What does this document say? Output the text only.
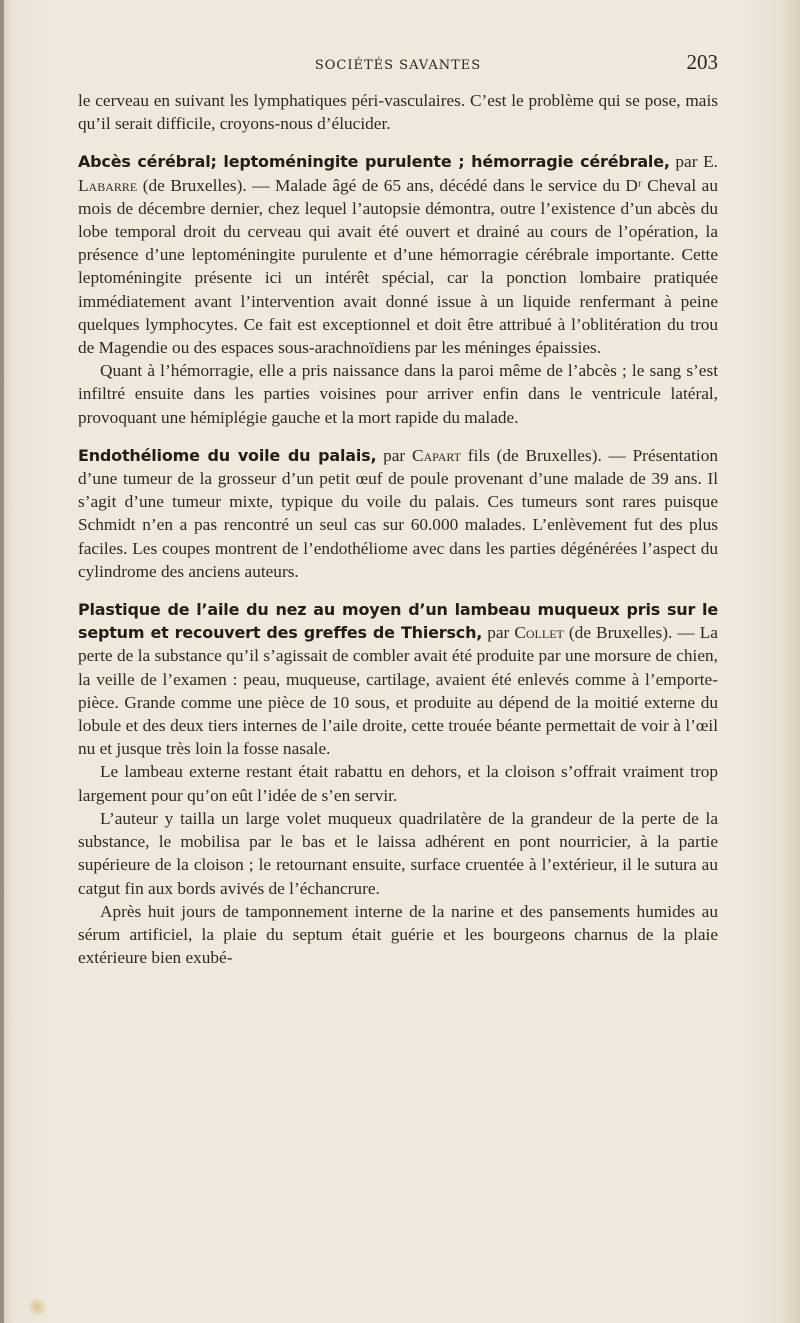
SOCIÉTÉS SAVANTES	203

le cerveau en suivant les lymphatiques péri-vasculaires. C’est le problème qui se pose, mais qu’il serait difficile, croyons-nous d’élucider.

Abcès cérébral; leptoméningite purulente ; hémorragie cérébrale, par E. Labarre (de Bruxelles). — Malade âgé de 65 ans, décédé dans le service du Dʳ Cheval au mois de décembre dernier, chez lequel l’autopsie démontra, outre l’existence d’un abcès du lobe temporal droit du cerveau qui avait été ouvert et drainé au cours de l’opération, la présence d’une leptoméningite purulente et d’une hémorragie cérébrale importante. Cette leptoméningite présente ici un intérêt spécial, car la ponction lombaire pratiquée immédiatement avant l’intervention avait donné issue à un liquide renfermant à peine quelques lymphocytes. Ce fait est exceptionnel et doit être attribué à l’oblitération du trou de Magendie ou des espaces sous-arachnoïdiens par les méninges épaissies.

Quant à l’hémorragie, elle a pris naissance dans la paroi même de l’abcès ; le sang s’est infiltré ensuite dans les parties voisines pour arriver enfin dans le ventricule latéral, provoquant une hémiplégie gauche et la mort rapide du malade.

Endothéliome du voile du palais, par Capart fils (de Bruxelles). — Présentation d’une tumeur de la grosseur d’un petit œuf de poule provenant d’une malade de 39 ans. Il s’agit d’une tumeur mixte, typique du voile du palais. Ces tumeurs sont rares puisque Schmidt n’en a pas rencontré un seul cas sur 60.000 malades. L’enlèvement fut des plus faciles. Les coupes montrent de l’endothéliome avec dans les parties dégénérées l’aspect du cylindrome des anciens auteurs.

Plastique de l’aile du nez au moyen d’un lambeau muqueux pris sur le septum et recouvert des greffes de Thiersch, par Collet (de Bruxelles). — La perte de la substance qu’il s’agissait de combler avait été produite par une morsure de chien, la veille de l’examen : peau, muqueuse, cartilage, avaient été enlevés comme à l’emporte-pièce. Grande comme une pièce de 10 sous, et produite au dépend de la moitié externe du lobule et des deux tiers internes de l’aile droite, cette trouée béante permettait de voir à l’œil nu et jusque très loin la fosse nasale.

Le lambeau externe restant était rabattu en dehors, et la cloison s’offrait vraiment trop largement pour qu’on eût l’idée de s’en servir.

L’auteur y tailla un large volet muqueux quadrilatère de la grandeur de la perte de la substance, le mobilisa par le bas et le laissa adhérent en pont nourricier, à la partie supérieure de la cloison ; le retournant ensuite, surface cruentée à l’extérieur, il le sutura au catgut fin aux bords avivés de l’échancrure.

Après huit jours de tamponnement interne de la narine et des pansements humides au sérum artificiel, la plaie du septum était guérie et les bourgeons charnus de la plaie extérieure bien exubé-
